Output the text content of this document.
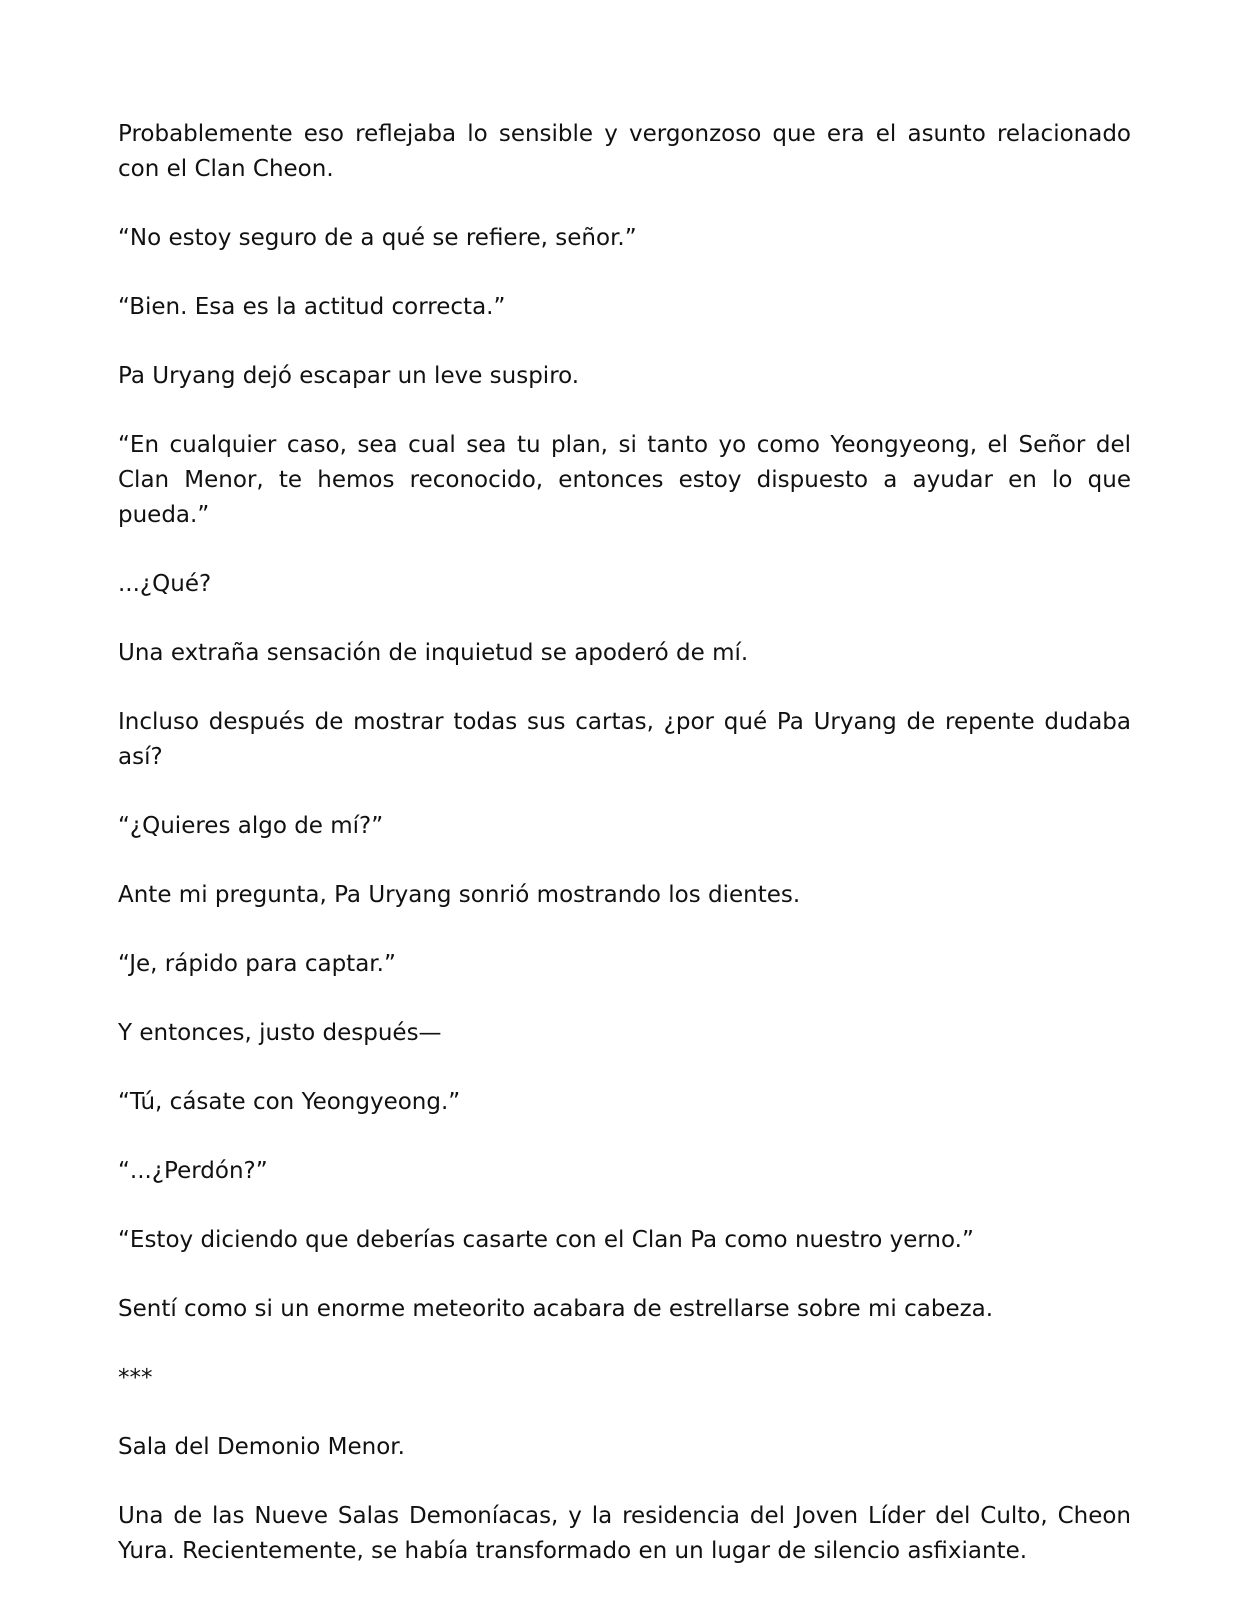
Probablemente eso reflejaba lo sensible y vergonzoso que era el asunto relacionado con el Clan Cheon.

“No estoy seguro de a qué se refiere, señor.”

“Bien. Esa es la actitud correcta.”

Pa Uryang dejó escapar un leve suspiro.

“En cualquier caso, sea cual sea tu plan, si tanto yo como Yeongyeong, el Señor del Clan Menor, te hemos reconocido, entonces estoy dispuesto a ayudar en lo que pueda.”

...¿Qué?

Una extraña sensación de inquietud se apoderó de mí.

Incluso después de mostrar todas sus cartas, ¿por qué Pa Uryang de repente dudaba así?

“¿Quieres algo de mí?”

Ante mi pregunta, Pa Uryang sonrió mostrando los dientes.

“Je, rápido para captar.”

Y entonces, justo después—

“Tú, cásate con Yeongyeong.”

“...¿Perdón?”

“Estoy diciendo que deberías casarte con el Clan Pa como nuestro yerno.”

Sentí como si un enorme meteorito acabara de estrellarse sobre mi cabeza.

***

Sala del Demonio Menor.

Una de las Nueve Salas Demoníacas, y la residencia del Joven Líder del Culto, Cheon Yura. Recientemente, se había transformado en un lugar de silencio asfixiante.
